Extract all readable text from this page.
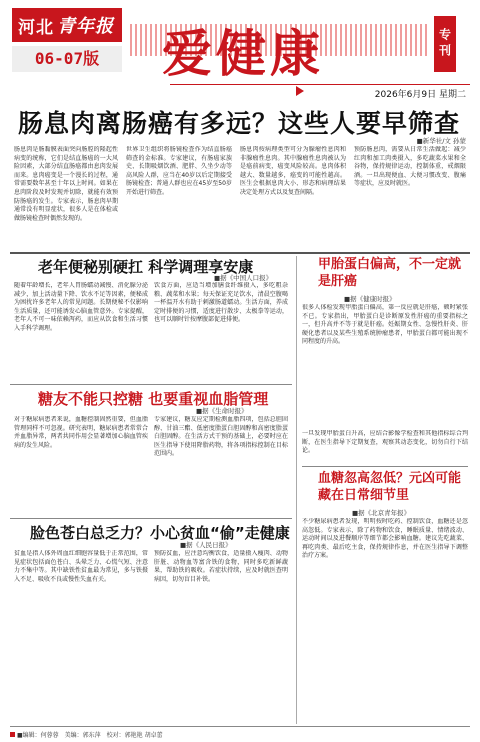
河北 青年报
06-07版	爱健康	专刊
2026年6月9日 星期二
肠息肉离肠癌有多远？这些人要早筛查
■新华社/文 孙蒙
肠息肉是肠黏膜表面突向肠腔的隆起性病变的统称，它们是结直肠癌的一大风险因素，大部分结直肠癌都由息肉发展而来。息肉癌变是一个漫长的过程，通常需要数年甚至十年以上时间。如果在息肉阶段及时发现并切除，就能有效预防肠癌的发生。专家表示，肠息肉早期通常没有明显症状，很多人是在体检或做肠镜检查时偶然发现的。
世界卫生组织将肠镜检查作为结直肠癌筛查的金标准。专家建议，有肠癌家族史、长期吸烟饮酒、肥胖、久坐少动等高风险人群，应当在40岁以后定期接受肠镜检查；普通人群也应在45岁至50岁开始进行筛查。
肠息肉按病理类型可分为腺瘤性息肉和非腺瘤性息肉。其中腺瘤性息肉被认为是癌前病变，癌变风险较高。息肉体积越大、数量越多，癌变的可能性越高。医生会根据息肉大小、形态和病理结果决定处理方式以及复查间隔。
预防肠息肉，需要从日常生活做起：减少红肉和加工肉类摄入，多吃蔬菜水果和全谷物，保持规律运动，控制体重，戒烟限酒。一旦出现便血、大便习惯改变、腹痛等症状，应及时就医。
老年便秘别硬扛 科学调理享安康
■据《中国人口报》
随着年龄增长，老年人胃肠蠕动减慢、消化腺分泌减少，加上活动量下降、饮水不足等因素，便秘成为困扰许多老年人的常见问题。长期便秘不仅影响生活质量，还可能诱发心脑血管意外。专家提醒，老年人不可一味依赖泻药，而应从饮食和生活习惯入手科学调理。
饮食方面，应适当增加膳食纤维摄入，多吃粗杂粮、蔬菜和水果；每天保证充足饮水，清晨空腹喝一杯温开水有助于刺激肠道蠕动。生活方面，养成定时排便的习惯，适度进行散步、太极拳等运动，也可以顺时针按摩腹部促进排便。
甲胎蛋白偏高，不一定就是肝癌
■据《健康时报》
很多人体检发现甲胎蛋白偏高，第一反应就是肝癌，顿时紧张不已。专家指出，甲胎蛋白是诊断原发性肝癌的重要指标之一，但升高并不等于就是肝癌。妊娠期女性、急慢性肝炎、肝硬化患者以及某些生殖系统肿瘤患者，甲胎蛋白都可能出现不同程度的升高。
一旦发现甲胎蛋白升高，应结合影像学检查和其他指标综合判断，在医生指导下定期复查，观察其动态变化，切勿自行下结论。
糖友不能只控糖 也要重视血脂管理
■据《生命时报》
对于糖尿病患者来说，血糖控制固然重要，但血脂管理同样不可忽视。研究表明，糖尿病患者常常合并血脂异常，两者共同作用会显著增加心脑血管疾病的发生风险。
专家建议，糖友应定期检测血脂四项，包括总胆固醇、甘油三酯、低密度脂蛋白胆固醇和高密度脂蛋白胆固醇。在生活方式干预的基础上，必要时应在医生指导下使用降脂药物，将各项指标控制在目标范围内。
血糖忽高忽低？元凶可能藏在日常细节里
■据《北京青年报》
不少糖尿病患者发现，明明按时吃药、控制饮食，血糖还是忽高忽低。专家表示，除了药物和饮食，睡眠质量、情绪波动、运动时间以及进餐顺序等细节都会影响血糖。建议先吃蔬菜、再吃肉类、最后吃主食，保持规律作息，并在医生指导下调整治疗方案。
脸色苍白总乏力？小心贫血“偷”走健康
■据《人民日报》
贫血是指人体外周血红细胞容量低于正常范围，常见症状包括面色苍白、头晕乏力、心慌气短、注意力不集中等。其中缺铁性贫血最为常见，多与铁摄入不足、吸收不良或慢性失血有关。
预防贫血，应注意均衡饮食，适量摄入瘦肉、动物肝脏、动物血等富含铁的食物，同时多吃新鲜蔬果，帮助铁的吸收。若症状持续，应及时就医查明病因，切勿盲目补铁。
■编辑：何蓉蓉　美编：郭东萍　校对：郭艳艳 胡卓蕾
